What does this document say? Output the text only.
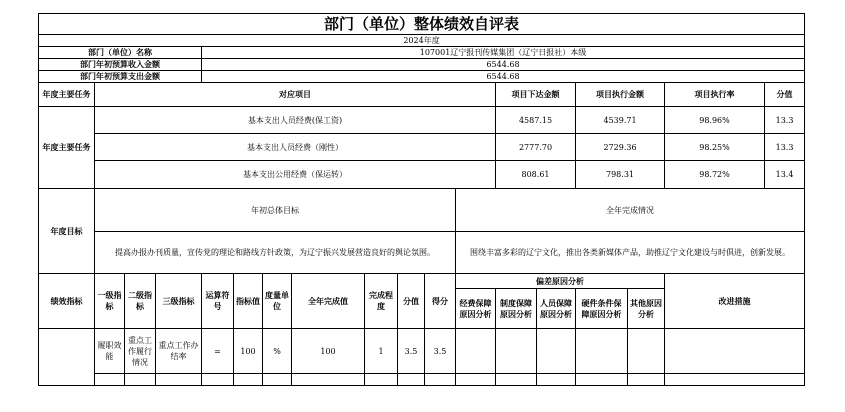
部门（单位）整体绩效自评表																	
2024年度																	
部门（单位）名称				107001辽宁报刊传媒集团（辽宁日报社）本级													
部门年初预算收入金额				6544.68													
部门年初预算支出金额				6544.68													
年度主要任务	对应项目											项目下达金额		项目执行金额		项目执行率	分值
年度主要任务	基本支出人员经费(保工资)											4587.15		4539.71		98.96%	13.3
	基本支出人员经费（刚性）											2777.70		2729.36		98.25%	13.3
	基本支出公用经费（保运转）											808.61		798.31		98.72%	13.4
年度目标	年初总体目标										全年完成情况						
	提高办报办刊质量，宣传党的理论和路线方针政策，为辽宁振兴发展营造良好的舆论氛围。										围绕丰富多彩的辽宁文化，推出各类新媒体产品，助推辽宁文化建设与时俱进，创新发展。						
绩效指标	一级指标	二级指标	三级指标	运算符号	指标值	度量单位	全年完成值	完成程度	分值	得分	偏差原因分析					改进措施	
											经费保障原因分析	制度保障原因分析	人员保障原因分析	硬件条件保障原因分析	其他原因分析		
	履职效能	重点工作履行情况	重点工作办结率	=	100	%	100	1	3.5	3.5							
